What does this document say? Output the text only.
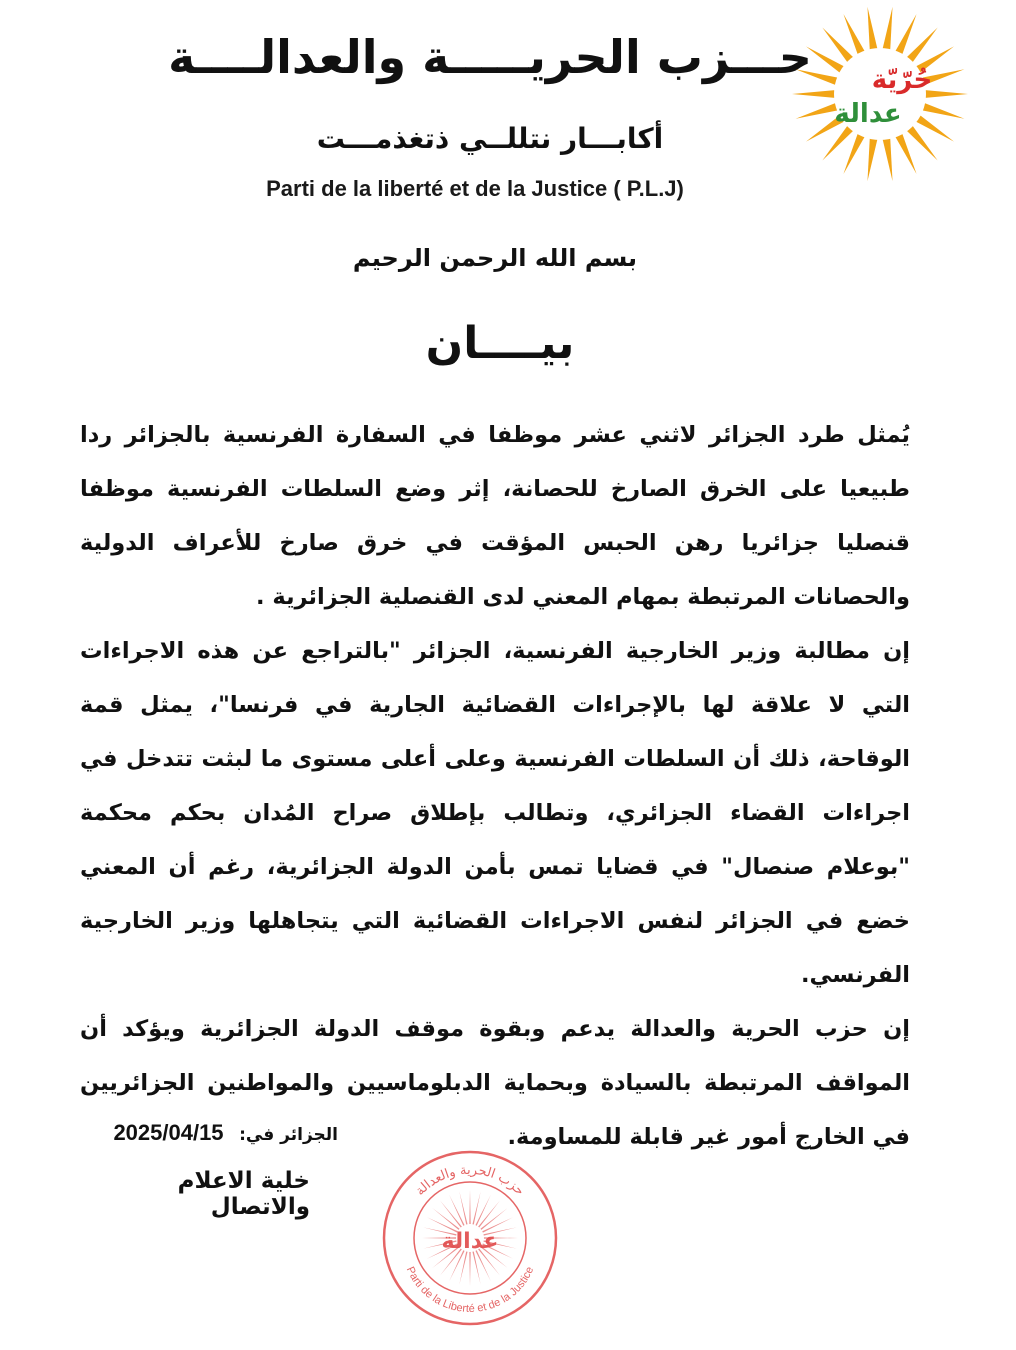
حـــزب الحريـــــة والعدالــــة
أكابـــار نتللــي ذتغذمـــت
Parti de la liberté et de la Justice ( P.L.J)
حُرّيّة
عدالة
بسم الله الرحمن الرحيم
بيــــان

يُمثل طرد الجزائر لاثني عشر موظفا في السفارة الفرنسية بالجزائر ردا طبيعيا على الخرق الصارخ للحصانة، إثر وضع السلطات الفرنسية موظفا قنصليا جزائريا رهن الحبس المؤقت في خرق صارخ للأعراف الدولية والحصانات المرتبطة بمهام المعني لدى القنصلية الجزائرية .

إن مطالبة وزير الخارجية الفرنسية، الجزائر "بالتراجع عن هذه الاجراءات التي لا علاقة لها بالإجراءات القضائية الجارية في فرنسا"، يمثل قمة الوقاحة، ذلك أن السلطات الفرنسية وعلى أعلى مستوى ما لبثت تتدخل في اجراءات القضاء الجزائري، وتطالب بإطلاق صراح المُدان بحكم محكمة "بوعلام صنصال" في قضايا تمس بأمن الدولة الجزائرية، رغم أن المعني خضع في الجزائر لنفس الاجراءات القضائية التي يتجاهلها وزير الخارجية الفرنسي.

إن حزب الحرية والعدالة يدعم وبقوة موقف الدولة الجزائرية ويؤكد أن المواقف المرتبطة بالسيادة وبحماية الدبلوماسيين والمواطنين الجزائريين في الخارج أمور غير قابلة للمساومة.

الجزائر في: 2025/04/15
خلية الاعلام والاتصال
حزب الحرية والعدالة
Parti de la Liberté et de la Justice
عدالة
